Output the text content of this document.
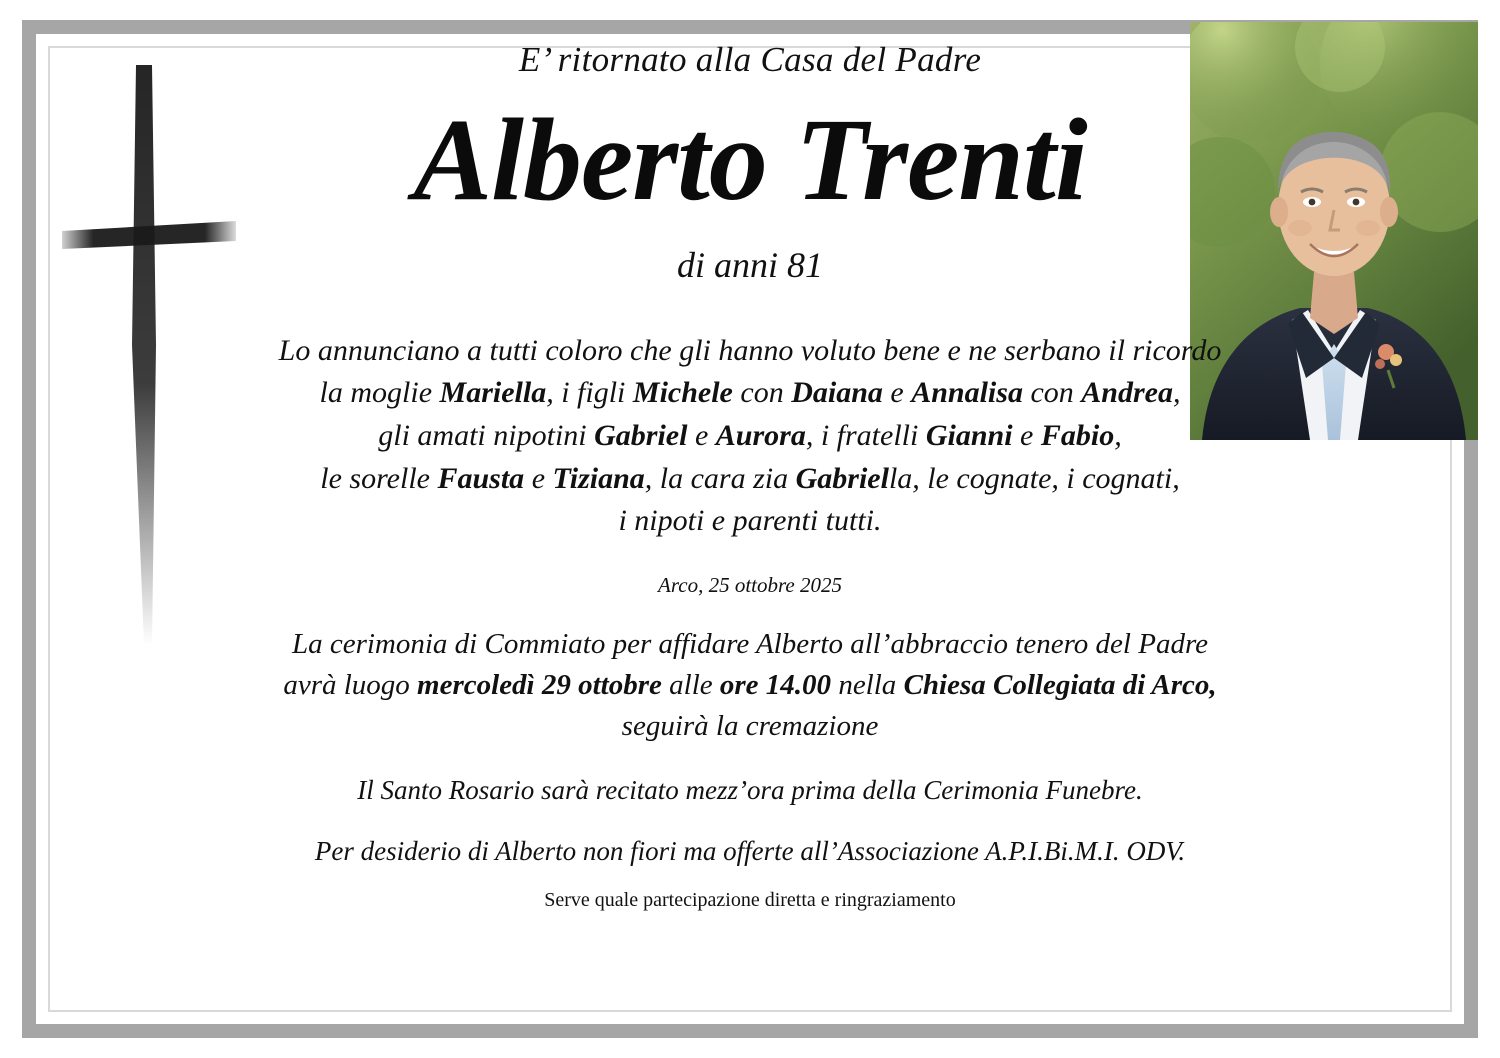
E’ ritornato alla Casa del Padre
Alberto Trenti
di anni 81
Lo annunciano a tutti coloro che gli hanno voluto bene e ne serbano il ricordo
la moglie Mariella, i figli Michele con Daiana e Annalisa con Andrea,
gli amati nipotini Gabriel e Aurora, i fratelli Gianni e Fabio,
le sorelle Fausta e Tiziana, la cara zia Gabriella, le cognate, i cognati,
i nipoti e parenti tutti.
Arco, 25 ottobre 2025
La cerimonia di Commiato per affidare Alberto all’abbraccio tenero del Padre
avrà luogo mercoledì 29 ottobre alle ore 14.00 nella Chiesa Collegiata di Arco,
seguirà la cremazione
Il Santo Rosario sarà recitato mezz’ora prima della Cerimonia Funebre.
Per desiderio di Alberto non fiori ma offerte all’Associazione A.P.I.Bi.M.I. ODV.
Serve quale partecipazione diretta e ringraziamento
